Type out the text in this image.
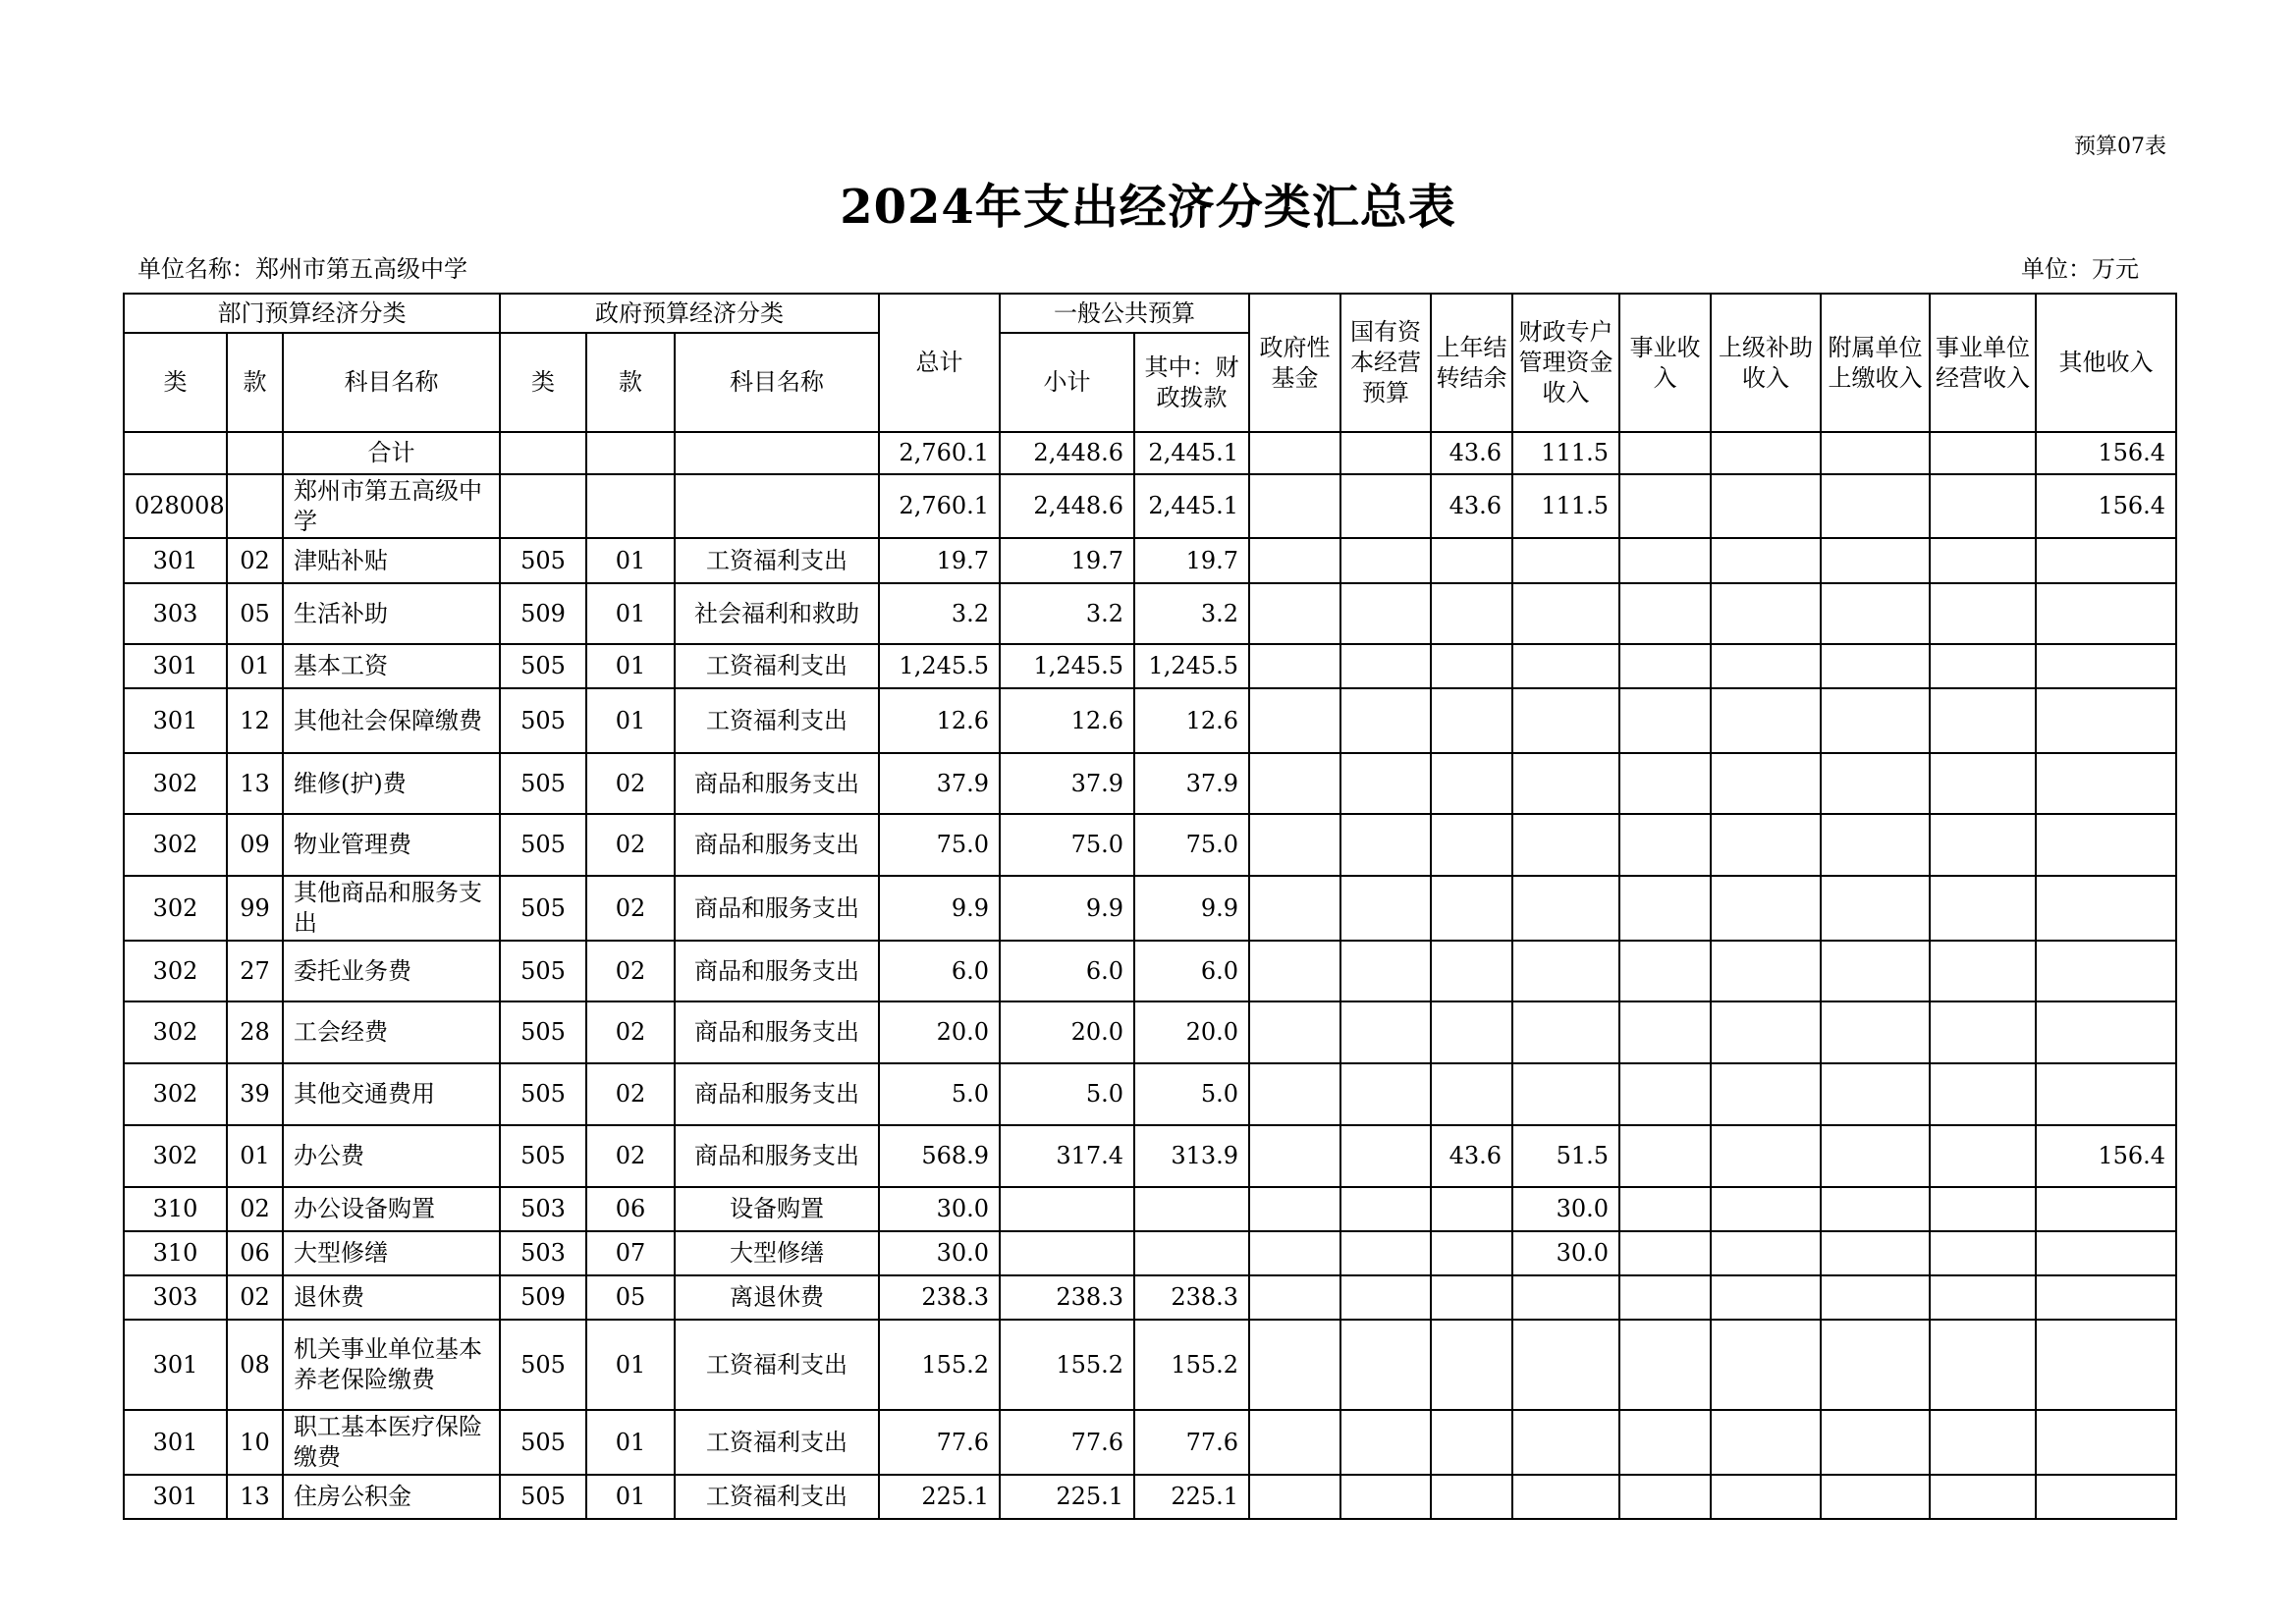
预算07表
2024年支出经济分类汇总表
单位名称：郑州市第五高级中学	单位：万元
部门预算经济分类			政府预算经济分类			总计	一般公共预算		政府性基金	国有资本经营预算	上年结转结余	财政专户管理资金收入	事业收入	上级补助收入	附属单位上缴收入	事业单位经营收入	其他收入
类	款	科目名称	类	款	科目名称		小计	其中：财政拨款									
		合计				2,760.1	2,448.6	2,445.1			43.6	111.5					156.4
028008		郑州市第五高级中学				2,760.1	2,448.6	2,445.1			43.6	111.5					156.4
301	02	津贴补贴	505	01	工资福利支出	19.7	19.7	19.7									
303	05	生活补助	509	01	社会福利和救助	3.2	3.2	3.2									
301	01	基本工资	505	01	工资福利支出	1,245.5	1,245.5	1,245.5									
301	12	其他社会保障缴费	505	01	工资福利支出	12.6	12.6	12.6									
302	13	维修(护)费	505	02	商品和服务支出	37.9	37.9	37.9									
302	09	物业管理费	505	02	商品和服务支出	75.0	75.0	75.0									
302	99	其他商品和服务支出	505	02	商品和服务支出	9.9	9.9	9.9									
302	27	委托业务费	505	02	商品和服务支出	6.0	6.0	6.0									
302	28	工会经费	505	02	商品和服务支出	20.0	20.0	20.0									
302	39	其他交通费用	505	02	商品和服务支出	5.0	5.0	5.0									
302	01	办公费	505	02	商品和服务支出	568.9	317.4	313.9			43.6	51.5					156.4
310	02	办公设备购置	503	06	设备购置	30.0						30.0					
310	06	大型修缮	503	07	大型修缮	30.0						30.0					
303	02	退休费	509	05	离退休费	238.3	238.3	238.3									
301	08	机关事业单位基本养老保险缴费	505	01	工资福利支出	155.2	155.2	155.2									
301	10	职工基本医疗保险缴费	505	01	工资福利支出	77.6	77.6	77.6									
301	13	住房公积金	505	01	工资福利支出	225.1	225.1	225.1									
